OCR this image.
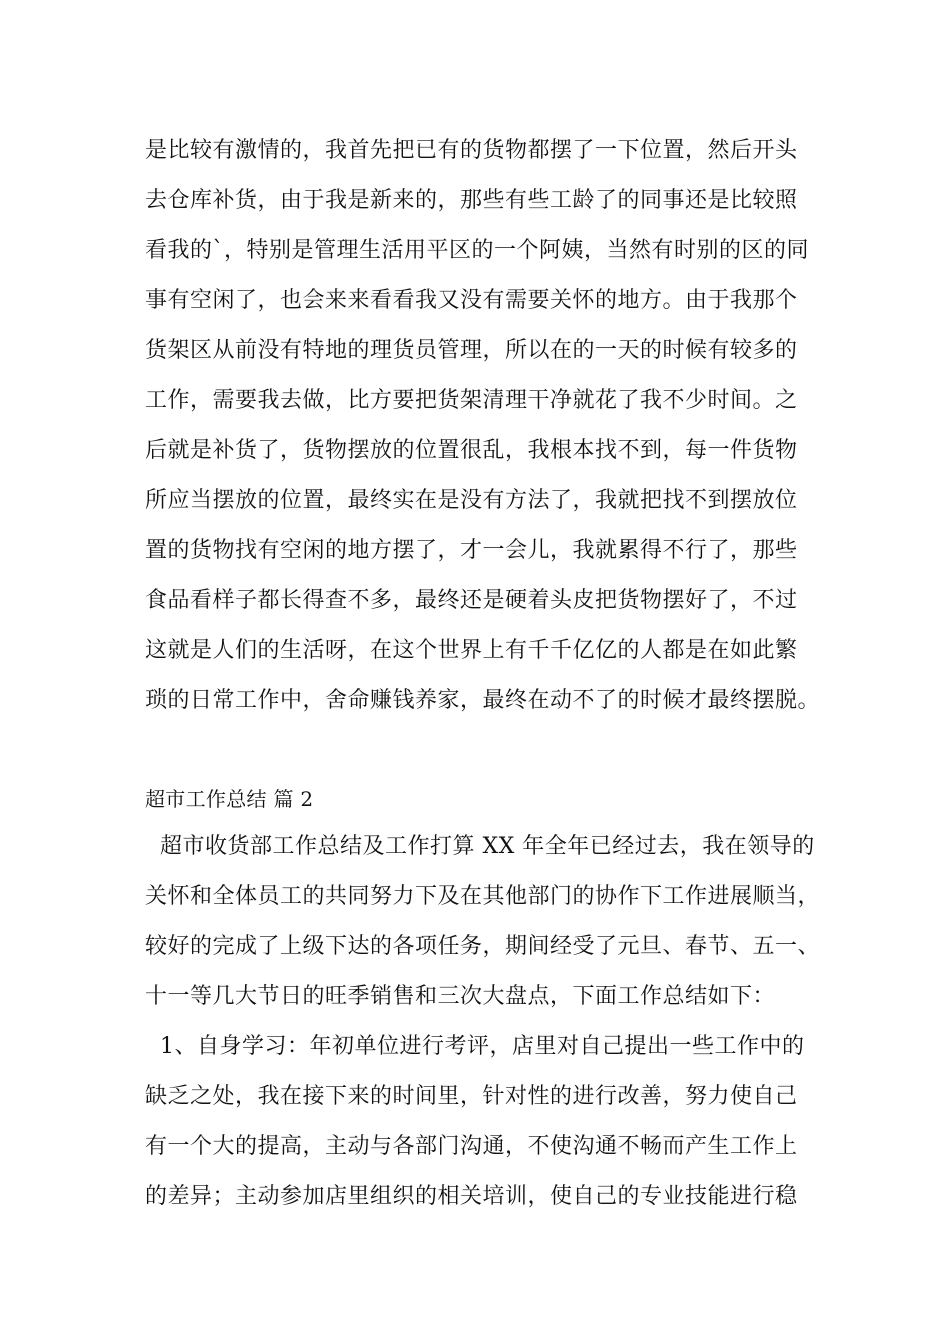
是比较有激情的，我首先把已有的货物都摆了一下位置，然后开头
去仓库补货，由于我是新来的，那些有些工龄了的同事还是比较照
看我的`，特别是管理生活用平区的一个阿姨，当然有时别的区的同
事有空闲了，也会来来看看我又没有需要关怀的地方。由于我那个
货架区从前没有特地的理货员管理，所以在的一天的时候有较多的
工作，需要我去做，比方要把货架清理干净就花了我不少时间。之
后就是补货了，货物摆放的位置很乱，我根本找不到，每一件货物
所应当摆放的位置，最终实在是没有方法了，我就把找不到摆放位
置的货物找有空闲的地方摆了，才一会儿，我就累得不行了，那些
食品看样子都长得查不多，最终还是硬着头皮把货物摆好了，不过
这就是人们的生活呀，在这个世界上有千千亿亿的人都是在如此繁
琐的日常工作中，舍命赚钱养家，最终在动不了的时候才最终摆脱。
超市工作总结 篇 2
超市收货部工作总结及工作打算 XX 年全年已经过去，我在领导的
关怀和全体员工的共同努力下及在其他部门的协作下工作进展顺当，
较好的完成了上级下达的各项任务，期间经受了元旦、春节、五一、
十一等几大节日的旺季销售和三次大盘点，下面工作总结如下：
1、自身学习：年初单位进行考评，店里对自己提出一些工作中的
缺乏之处，我在接下来的时间里，针对性的进行改善，努力使自己
有一个大的提高，主动与各部门沟通，不使沟通不畅而产生工作上
的差异；主动参加店里组织的相关培训，使自己的专业技能进行稳
